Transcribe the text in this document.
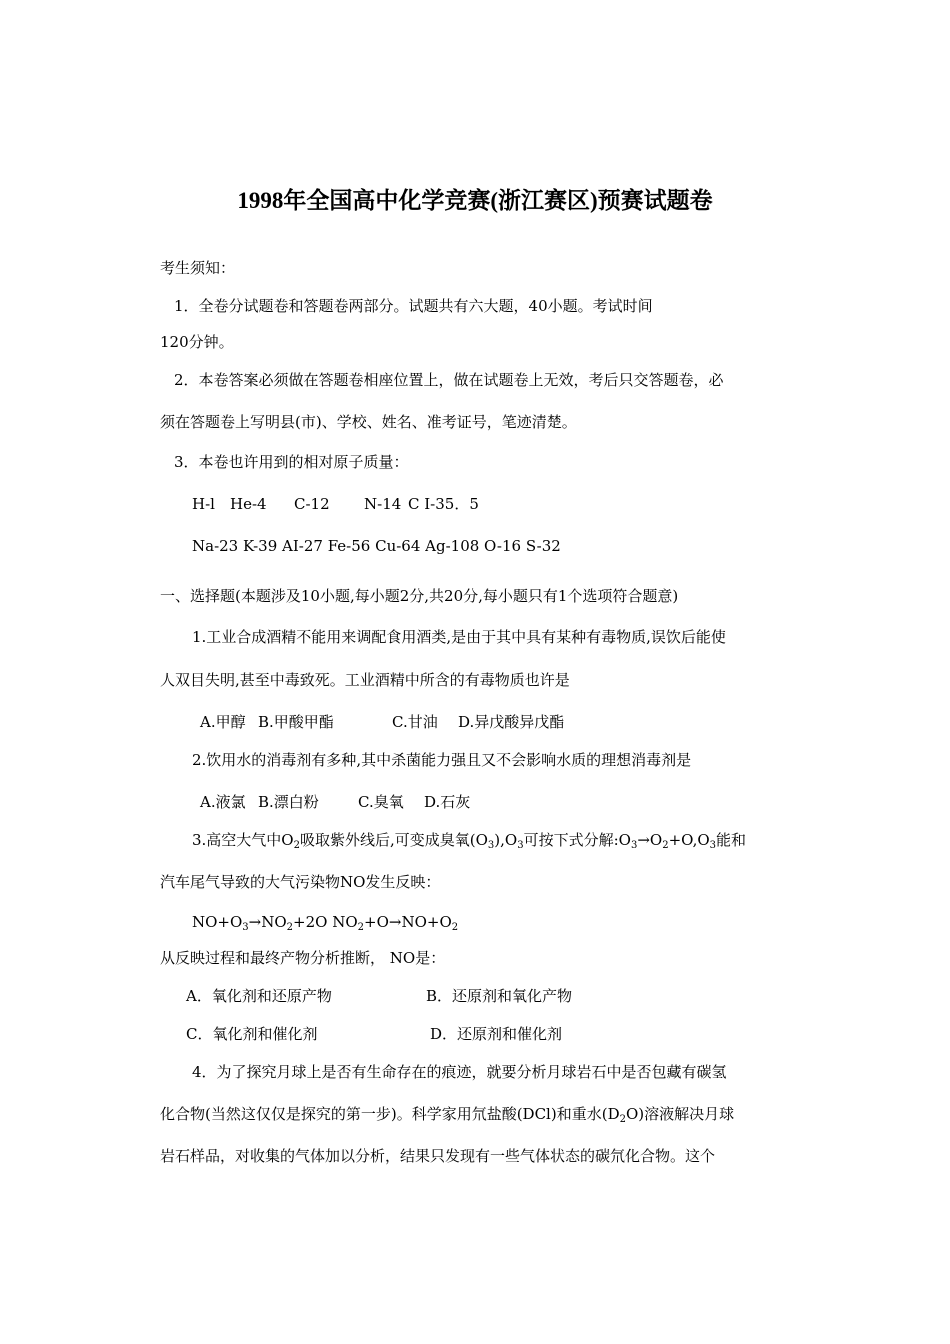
1998年全国高中化学竞赛(浙江赛区)预赛试题卷
考生须知：
1．全卷分试题卷和答题卷两部分。试题共有六大题，40小题。考试时间
120分钟。
2．本卷答案必须做在答题卷相座位置上，做在试题卷上无效，考后只交答题卷，必
须在答题卷上写明县(市)、学校、姓名、准考证号，笔迹清楚。
3．本卷也许用到的相对原子质量：
H-l He-4 C-12 N-14 C I-35．5
Na-23 K-39 AI-27 Fe-56 Cu-64 Ag-108 O-16 S-32
一、选择题(本题涉及10小题,每小题2分,共20分,每小题只有1个选项符合题意)
1.工业合成酒精不能用来调配食用酒类,是由于其中具有某种有毒物质,误饮后能使
人双目失明,甚至中毒致死。工业酒精中所含的有毒物质也许是
A.甲醇 B.甲酸甲酯	C.甘油 D.异戊酸异戊酯
2.饮用水的消毒剂有多种,其中杀菌能力强且又不会影响水质的理想消毒剂是
A.液氯 B.漂白粉	C.臭氧 D.石灰
3.高空大气中$O_2$吸取紫外线后,可变成臭氧$(O_3),O_3$可按下式分解$:O_3\to O_2+O,O_3$能和
汽车尾气导致的大气污染物NO发生反映：
$NO+O_3\to NO_2+2O$ $NO_2+O\to NO+O_2$
从反映过程和最终产物分析推断， NO是：
A．氧化剂和还原产物	B．还原剂和氧化产物
C．氧化剂和催化剂	D．还原剂和催化剂
4．为了探究月球上是否有生命存在的痕迹，就要分析月球岩石中是否包藏有碳氢
化合物(当然这仅仅是探究的第一步)。科学家用氘盐酸(DCl)和重水$(D_2O)$溶液解决月球
岩石样品，对收集的气体加以分析，结果只发现有一些气体状态的碳氘化合物。这个
